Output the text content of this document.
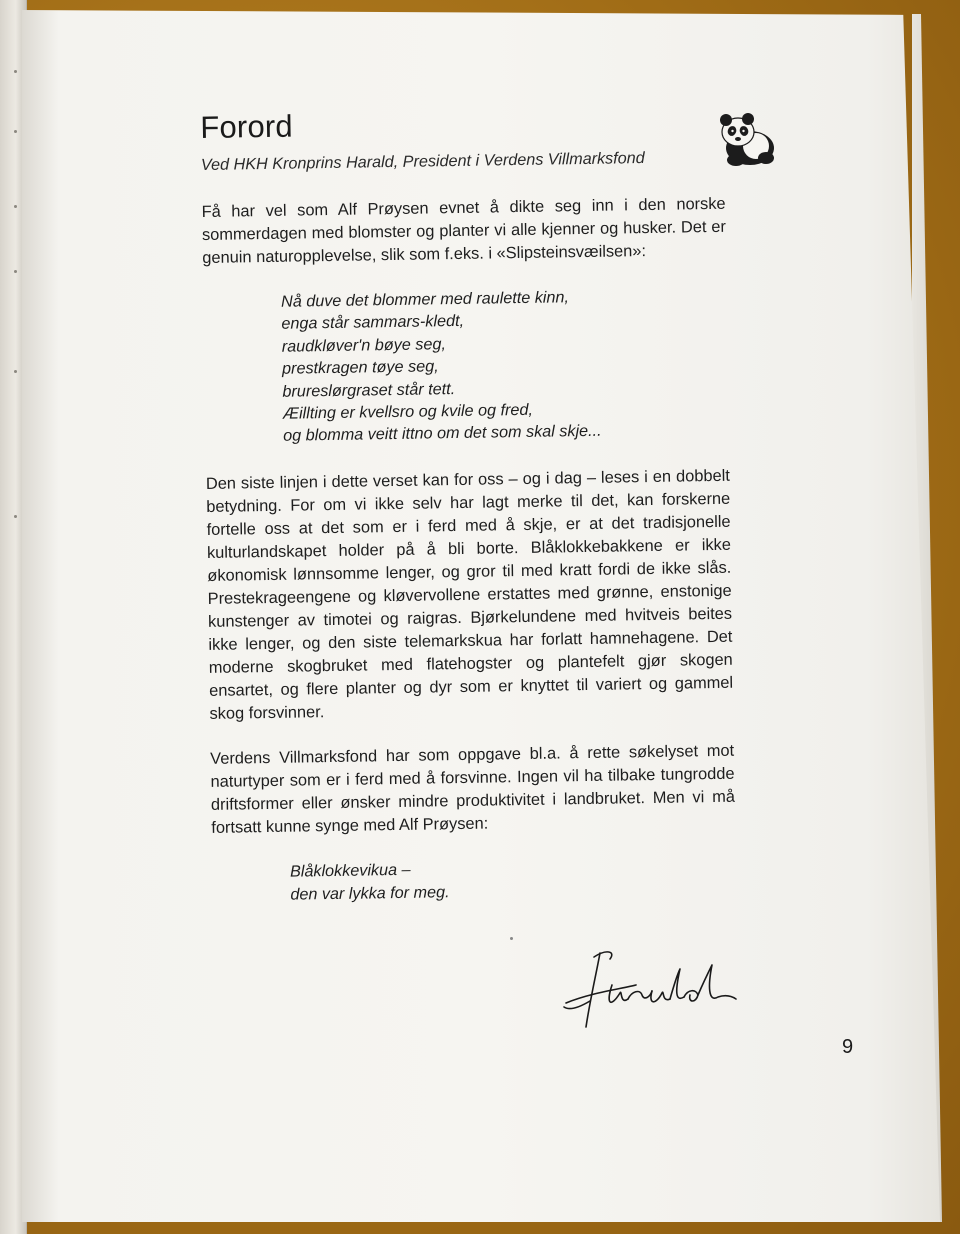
Forord
Ved HKH Kronprins Harald, President i Verdens Villmarksfond

Få har vel som Alf Prøysen evnet å dikte seg inn i den norske sommerdagen med blomster og planter vi alle kjenner og husker. Det er genuin naturopplevelse, slik som f.eks. i «Slipsteinsvæilsen»:

Nå duve det blommer med raulette kinn,
enga står sammars-kledt,
raudkløver'n bøye seg,
prestkragen tøye seg,
brureslørgraset står tett.
Æillting er kvellsro og kvile og fred,
og blomma veitt ittno om det som skal skje...

Den siste linjen i dette verset kan for oss – og i dag – leses i en dobbelt betydning. For om vi ikke selv har lagt merke til det, kan forskerne fortelle oss at det som er i ferd med å skje, er at det tradisjonelle kulturlandskapet holder på å bli borte. Blåklokkebakkene er ikke økonomisk lønnsomme lenger, og gror til med kratt fordi de ikke slås. Prestekrageengene og kløvervollene erstattes med grønne, enstonige kunstenger av timotei og raigras. Bjørkelundene med hvitveis beites ikke lenger, og den siste telemarkskua har forlatt hamnehagene. Det moderne skogbruket med flatehogster og plantefelt gjør skogen ensartet, og flere planter og dyr som er knyttet til variert og gammel skog forsvinner.

Verdens Villmarksfond har som oppgave bl.a. å rette søkelyset mot naturtyper som er i ferd med å forsvinne. Ingen vil ha tilbake tungrodde driftsformer eller ønsker mindre produktivitet i landbruket. Men vi må fortsatt kunne synge med Alf Prøysen:

Blåklokkevikua –
den var lykka for meg.
9
